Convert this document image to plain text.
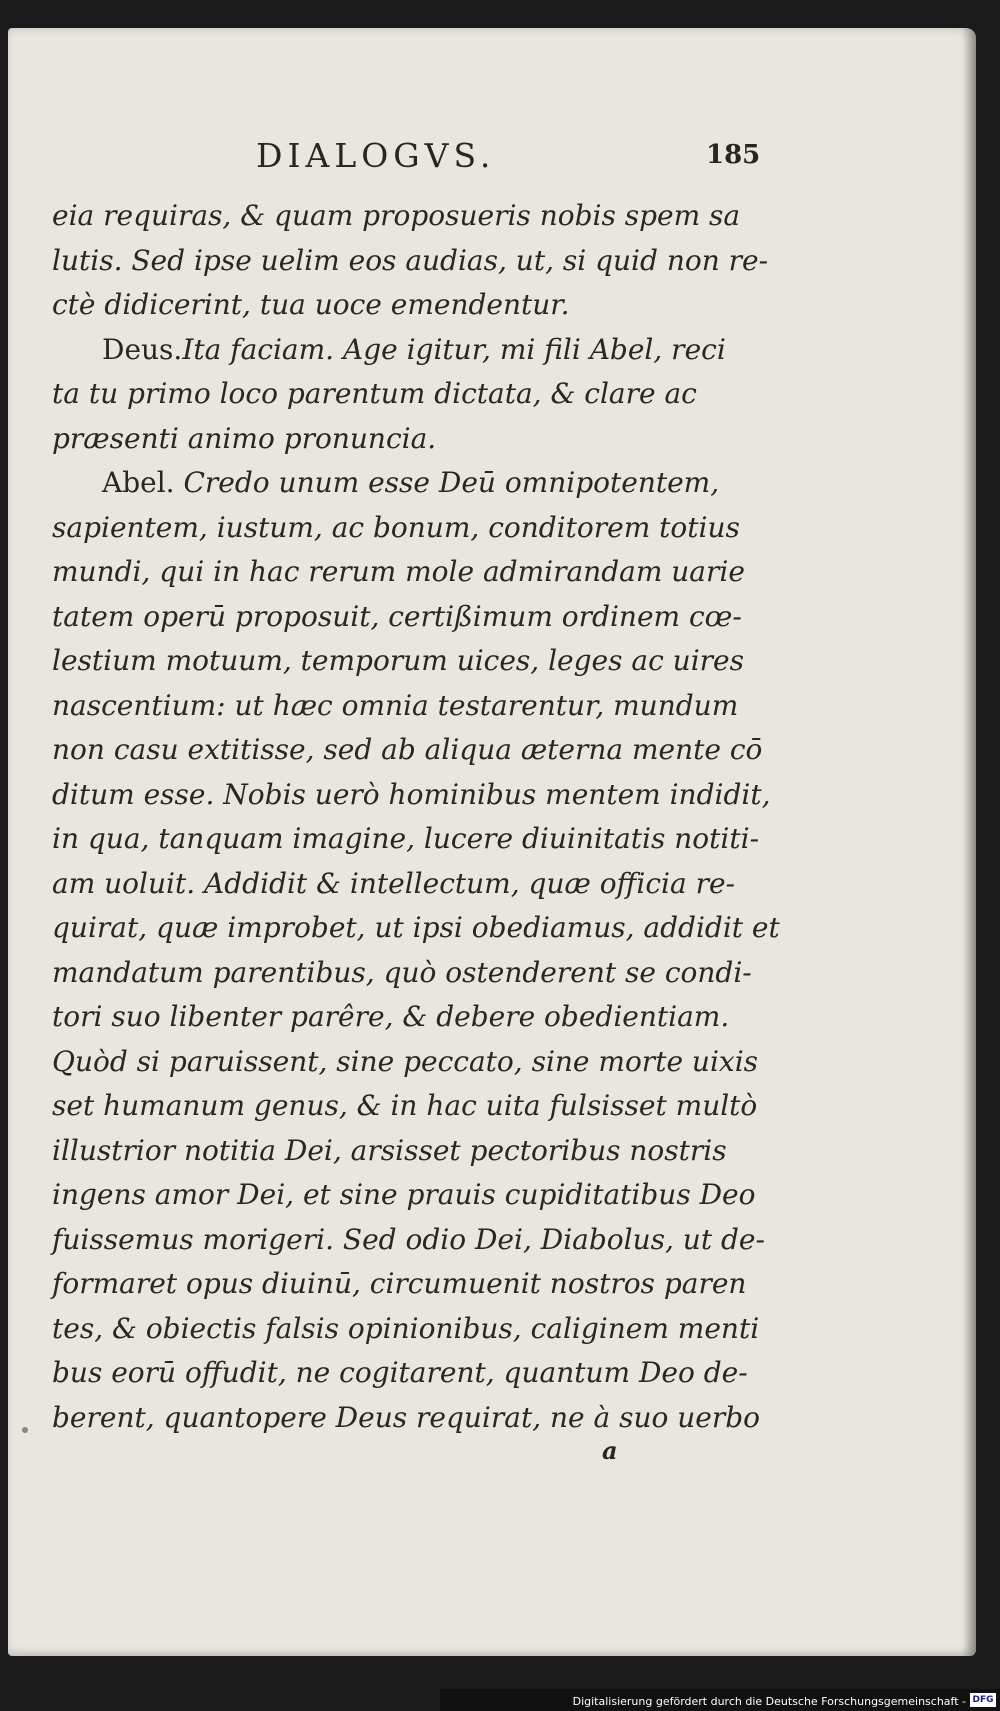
DIALOGVS.	185
eia requiras, & quam proposueris nobis spem sa
lutis. Sed ipse uelim eos audias, ut, si quid non re-
ctè didicerint, tua uoce emendentur.
Deus.Ita faciam. Age igitur, mi fili Abel, reci
ta tu primo loco parentum dictata, & clare ac
præsenti animo pronuncia.
Abel. Credo unum esse Deū omnipotentem,
sapientem, iustum, ac bonum, conditorem totius
mundi, qui in hac rerum mole admirandam uarie
tatem operū proposuit, certißimum ordinem cœ-
lestium motuum, temporum uices, leges ac uires
nascentium: ut hæc omnia testarentur, mundum
non casu extitisse, sed ab aliqua æterna mente cō
ditum esse. Nobis uerò hominibus mentem indidit,
in qua, tanquam imagine, lucere diuinitatis notiti-
am uoluit. Addidit & intellectum, quæ officia re-
quirat, quæ improbet, ut ipsi obediamus, addidit et
mandatum parentibus, quò ostenderent se condi-
tori suo libenter parêre, & debere obedientiam.
Quòd si paruissent, sine peccato, sine morte uixis
set humanum genus, & in hac uita fulsisset multò
illustrior notitia Dei, arsisset pectoribus nostris
ingens amor Dei, et sine prauis cupiditatibus Deo
fuissemus morigeri. Sed odio Dei, Diabolus, ut de-
formaret opus diuinū, circumuenit nostros paren
tes, & obiectis falsis opinionibus, caliginem menti
bus eorū offudit, ne cogitarent, quantum Deo de-
berent, quantopere Deus requirat, ne à suo uerbo
a
Digitalisierung gefördert durch die Deutsche Forschungsgemeinschaft - DFG
